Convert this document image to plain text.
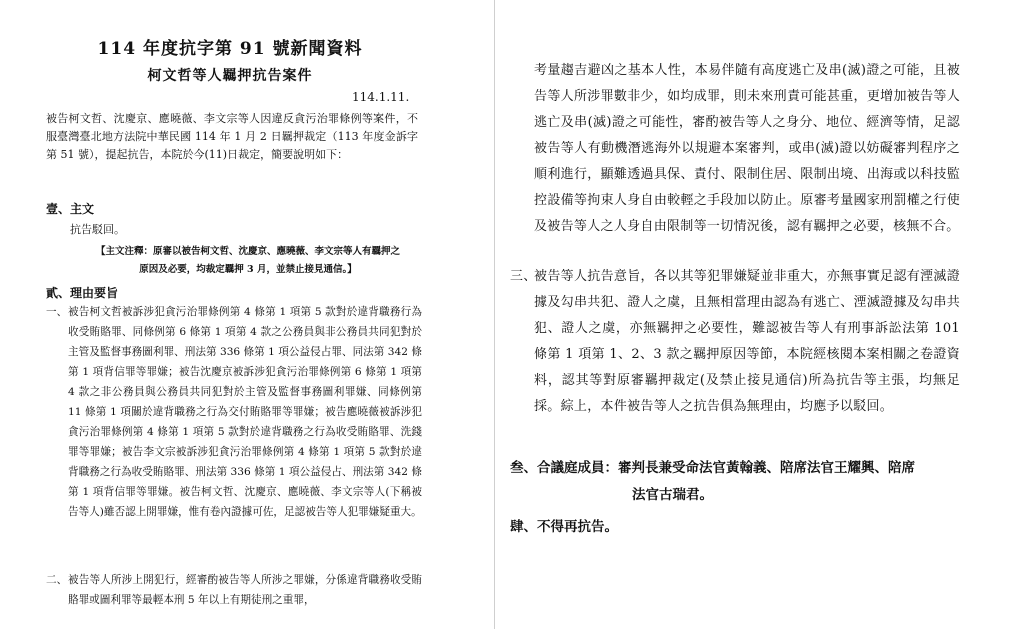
114 年度抗字第 91 號新聞資料
柯文哲等人羈押抗告案件
114.1.11.
被告柯文哲、沈慶京、應曉薇、李文宗等人因違反貪污治罪條例等案件，不服臺灣臺北地方法院中華民國 114 年 1 月 2 日羈押裁定（113 年度金訴字第 51 號），提起抗告，本院於今(11)日裁定，簡要說明如下：
壹、主文
抗告駁回。
【主文注釋：原審以被告柯文哲、沈慶京、應曉薇、李文宗等人有羈押之
原因及必要，均裁定羈押 3 月，並禁止接見通信。】
貳、理由要旨
一、 被告柯文哲被訴涉犯貪污治罪條例第 4 條第 1 項第 5 款對於違背職務行為收受賄賂罪、同條例第 6 條第 1 項第 4 款之公務員與非公務員共同犯對於主管及監督事務圖利罪、刑法第 336 條第 1 項公益侵占罪、同法第 342 條第 1 項背信罪等罪嫌；被告沈慶京被訴涉犯貪污治罪條例第 6 條第 1 項第 4 款之非公務員與公務員共同犯對於主管及監督事務圖利罪嫌、同條例第 11 條第 1 項關於違背職務之行為交付賄賂罪等罪嫌；被告應曉薇被訴涉犯貪污治罪條例第 4 條第 1 項第 5 款對於違背職務之行為收受賄賂罪、洗錢罪等罪嫌；被告李文宗被訴涉犯貪污治罪條例第 4 條第 1 項第 5 款對於違背職務之行為收受賄賂罪、刑法第 336 條第 1 項公益侵占、刑法第 342 條第 1 項背信罪等罪嫌。被告柯文哲、沈慶京、應曉薇、李文宗等人(下稱被告等人)雖否認上開罪嫌，惟有卷內證據可佐，足認被告等人犯罪嫌疑重大。
二、 被告等人所涉上開犯行，經審酌被告等人所涉之罪嫌，分係違背職務收受賄賂罪或圖利罪等最輕本刑 5 年以上有期徒刑之重罪，
考量趨吉避凶之基本人性，本易伴隨有高度逃亡及串(滅)證之可能，且被告等人所涉罪數非少，如均成罪，則未來刑責可能甚重，更增加被告等人逃亡及串(滅)證之可能性，審酌被告等人之身分、地位、經濟等情，足認被告等人有動機潛逃海外以規避本案審判，或串(滅)證以妨礙審判程序之順利進行，顯難透過具保、責付、限制住居、限制出境、出海或以科技監控設備等拘束人身自由較輕之手段加以防止。原審考量國家刑罰權之行使及被告等人之人身自由限制等一切情況後，認有羈押之必要，核無不合。
三、
被告等人抗告意旨，各以其等犯罪嫌疑並非重大，亦無事實足認有湮滅證據及勾串共犯、證人之虞，且無相當理由認為有逃亡、湮滅證據及勾串共犯、證人之虞，亦無羈押之必要性，難認被告等人有刑事訴訟法第 101 條第 1 項第 1、2、3 款之羈押原因等節，本院經核閱本案相關之卷證資料，認其等對原審羈押裁定(及禁止接見通信)所為抗告等主張，均無足採。綜上，本件被告等人之抗告俱為無理由，均應予以駁回。
叁、合議庭成員：審判長兼受命法官黃翰義、陪席法官王耀興、陪席
法官古瑞君。
肆、不得再抗告。
